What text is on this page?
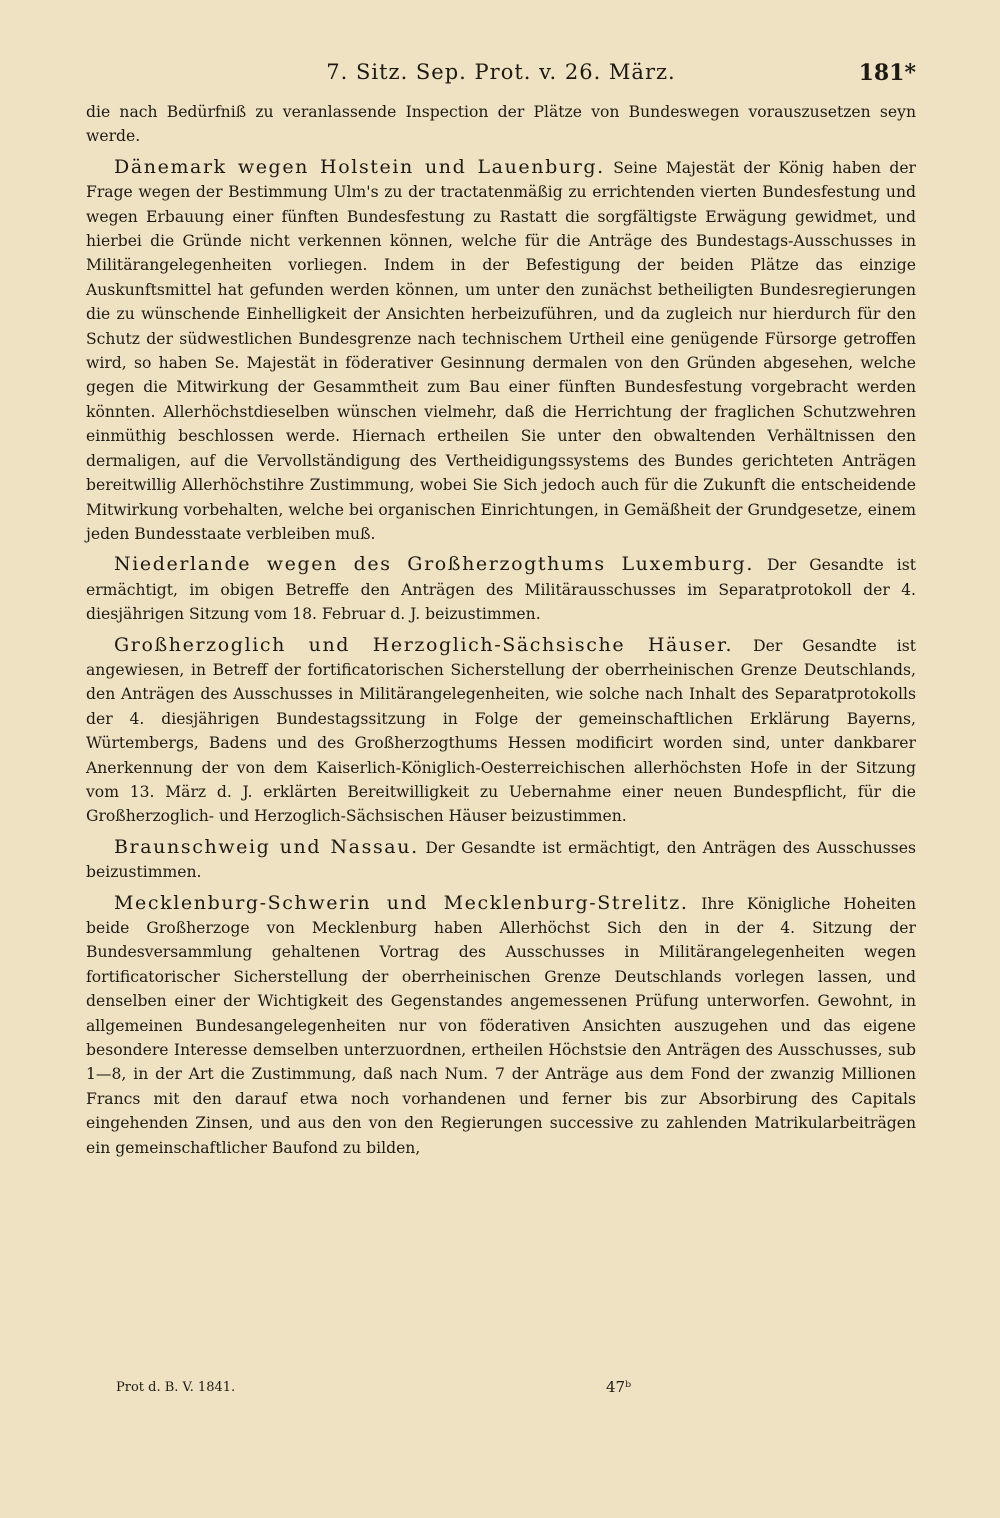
7. Sitz. Sep. Prot. v. 26. März.	181*

die nach Bedürfniß zu veranlassende Inspection der Plätze von Bundeswegen vorauszusetzen seyn werde.

Dänemark wegen Holstein und Lauenburg. Seine Majestät der König haben der Frage wegen der Bestimmung Ulm's zu der tractatenmäßig zu errichtenden vierten Bundesfestung und wegen Erbauung einer fünften Bundesfestung zu Rastatt die sorgfältigste Erwägung gewidmet, und hierbei die Gründe nicht verkennen können, welche für die Anträge des Bundestags-Ausschusses in Militärangelegenheiten vorliegen. Indem in der Befestigung der beiden Plätze das einzige Auskunftsmittel hat gefunden werden können, um unter den zunächst betheiligten Bundesregierungen die zu wünschende Einhelligkeit der Ansichten herbeizuführen, und da zugleich nur hierdurch für den Schutz der südwestlichen Bundesgrenze nach technischem Urtheil eine genügende Fürsorge getroffen wird, so haben Se. Majestät in föderativer Gesinnung dermalen von den Gründen abgesehen, welche gegen die Mitwirkung der Gesammtheit zum Bau einer fünften Bundesfestung vorgebracht werden könnten. Allerhöchstdieselben wünschen vielmehr, daß die Herrichtung der fraglichen Schutzwehren einmüthig beschlossen werde. Hiernach ertheilen Sie unter den obwaltenden Verhältnissen den dermaligen, auf die Vervollständigung des Vertheidigungssystems des Bundes gerichteten Anträgen bereitwillig Allerhöchstihre Zustimmung, wobei Sie Sich jedoch auch für die Zukunft die entscheidende Mitwirkung vorbehalten, welche bei organischen Einrichtungen, in Gemäßheit der Grundgesetze, einem jeden Bundesstaate verbleiben muß.

Niederlande wegen des Großherzogthums Luxemburg. Der Gesandte ist ermächtigt, im obigen Betreffe den Anträgen des Militärausschusses im Separatprotokoll der 4. diesjährigen Sitzung vom 18. Februar d. J. beizustimmen.

Großherzoglich und Herzoglich-Sächsische Häuser. Der Gesandte ist angewiesen, in Betreff der fortificatorischen Sicherstellung der oberrheinischen Grenze Deutschlands, den Anträgen des Ausschusses in Militärangelegenheiten, wie solche nach Inhalt des Separatprotokolls der 4. diesjährigen Bundestagssitzung in Folge der gemeinschaftlichen Erklärung Bayerns, Würtembergs, Badens und des Großherzogthums Hessen modificirt worden sind, unter dankbarer Anerkennung der von dem Kaiserlich-Königlich-Oesterreichischen allerhöchsten Hofe in der Sitzung vom 13. März d. J. erklärten Bereitwilligkeit zu Uebernahme einer neuen Bundespflicht, für die Großherzoglich- und Herzoglich-Sächsischen Häuser beizustimmen.

Braunschweig und Nassau. Der Gesandte ist ermächtigt, den Anträgen des Ausschusses beizustimmen.

Mecklenburg-Schwerin und Mecklenburg-Strelitz. Ihre Königliche Hoheiten beide Großherzoge von Mecklenburg haben Allerhöchst Sich den in der 4. Sitzung der Bundesversammlung gehaltenen Vortrag des Ausschusses in Militärangelegenheiten wegen fortificatorischer Sicherstellung der oberrheinischen Grenze Deutschlands vorlegen lassen, und denselben einer der Wichtigkeit des Gegenstandes angemessenen Prüfung unterworfen. Gewohnt, in allgemeinen Bundesangelegenheiten nur von föderativen Ansichten auszugehen und das eigene besondere Interesse demselben unterzuordnen, ertheilen Höchstsie den Anträgen des Ausschusses, sub 1—8, in der Art die Zustimmung, daß nach Num. 7 der Anträge aus dem Fond der zwanzig Millionen Francs mit den darauf etwa noch vorhandenen und ferner bis zur Absorbirung des Capitals eingehenden Zinsen, und aus den von den Regierungen successive zu zahlenden Matrikularbeiträgen ein gemeinschaftlicher Baufond zu bilden,

Prot d. B. V. 1841.	47ᵇ
